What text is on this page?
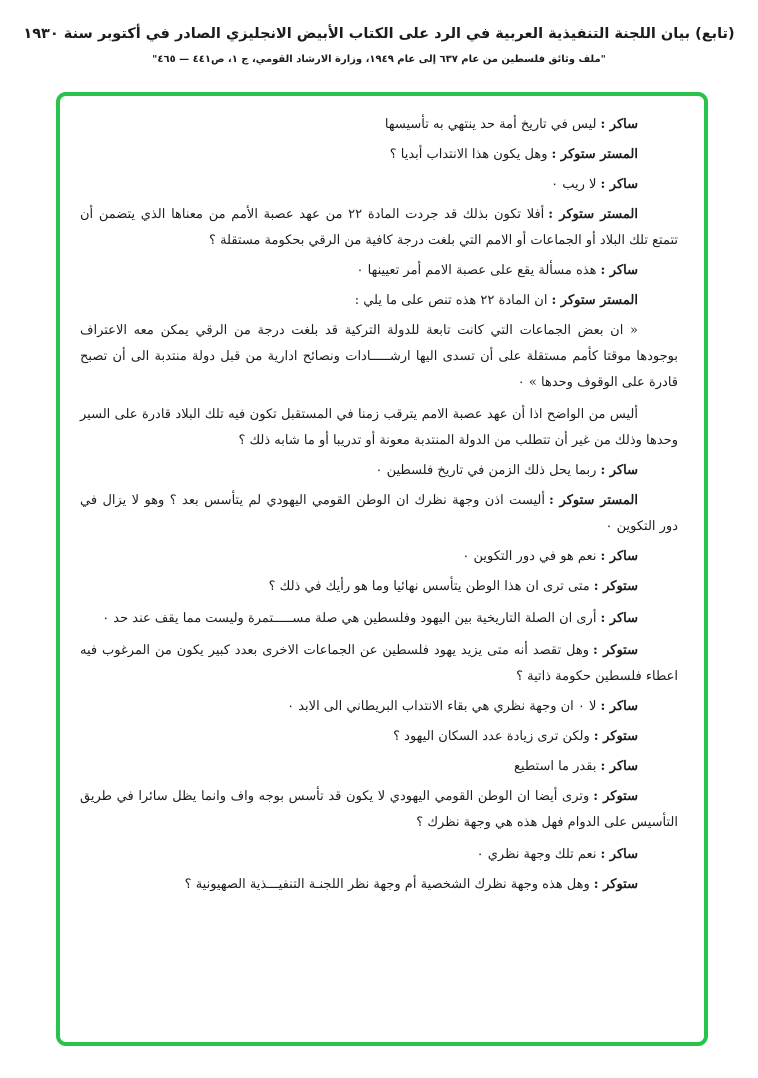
(تابع) بيان اللجنة التنفيذية العربية في الرد على الكتاب الأبيض الانجليزي الصادر في أكتوبر سنة ١٩٣٠
"ملف وثائق فلسطين من عام ٦٣٧ إلى عام ١٩٤٩، وزارة الارشاد القومي، ج ١، ص٤٤١ — ٤٦٥"
ساكر :ليس في تاريخ أمة حد ينتهي به تأسيسها
المستر ستوكر :وهل يكون هذا الانتداب أبديا ؟
ساكر :لا ريب ٠
المستر ستوكر :أفلا تكون بذلك قد جردت المادة ٢٢ من عهد عصبة الأمم من معناها الذي يتضمن أن تتمتع تلك البلاد أو الجماعات أو الامم التي بلغت درجة كافية من الرقي بحكومة مستقلة ؟
ساكر :هذه مسألة يقع على عصبة الامم أمر تعيينها ٠
المستر ستوكر :ان المادة ٢٢ هذه تنص على ما يلي :
« ان بعض الجماعات التي كانت تابعة للدولة التركية قد بلغت درجة من الرقي يمكن معه الاعتراف بوجودها موقتا كأمم مستقلة على أن تسدى اليها ارشـــــادات ونصائح ادارية من قبل دولة منتدبة الى أن تصبح قادرة على الوقوف وحدها » ٠
أليس من الواضح اذا أن عهد عصبة الامم يترقب زمنا في المستقبل تكون فيه تلك البلاد قادرة على السير وحدها وذلك من غير أن تتطلب من الدولة المنتدبة معونة أو تدريبا أو ما شابه ذلك ؟
ساكر :ربما يحل ذلك الزمن في تاريخ فلسطين ٠
المستر ستوكر :أليست اذن وجهة نظرك ان الوطن القومي اليهودي لم يتأسس بعد ؟ وهو لا يزال في دور التكوين ٠
ساكر :نعم هو في دور التكوين ٠
ستوكر :متى ترى ان هذا الوطن يتأسس نهائيا وما هو رأيك في ذلك ؟
ساكر :أرى ان الصلة التاريخية بين اليهود وفلسطين هي صلة مســـــتمرة وليست مما يقف عند حد ٠
ستوكر :وهل تقصد أنه متى يزيد يهود فلسطين عن الجماعات الاخرى بعدد كبير يكون من المرغوب فيه اعطاء فلسطين حكومة ذاتية ؟
ساكر :لا ٠ ان وجهة نظري هي بقاء الانتداب البريطاني الى الابد ٠
ستوكر :ولكن ترى زيادة عدد السكان اليهود ؟
ساكر :بقدر ما استطيع
ستوكر :وترى أيضا ان الوطن القومي اليهودي لا يكون قد تأسس بوجه واف وانما يظل سائرا في طريق التأسيس على الدوام فهل هذه هي وجهة نظرك ؟
ساكر :نعم تلك وجهة نظري ٠
ستوكر :وهل هذه وجهة نظرك الشخصية أم وجهة نظر اللجنـة التنفيـــذية الصهيونية ؟
